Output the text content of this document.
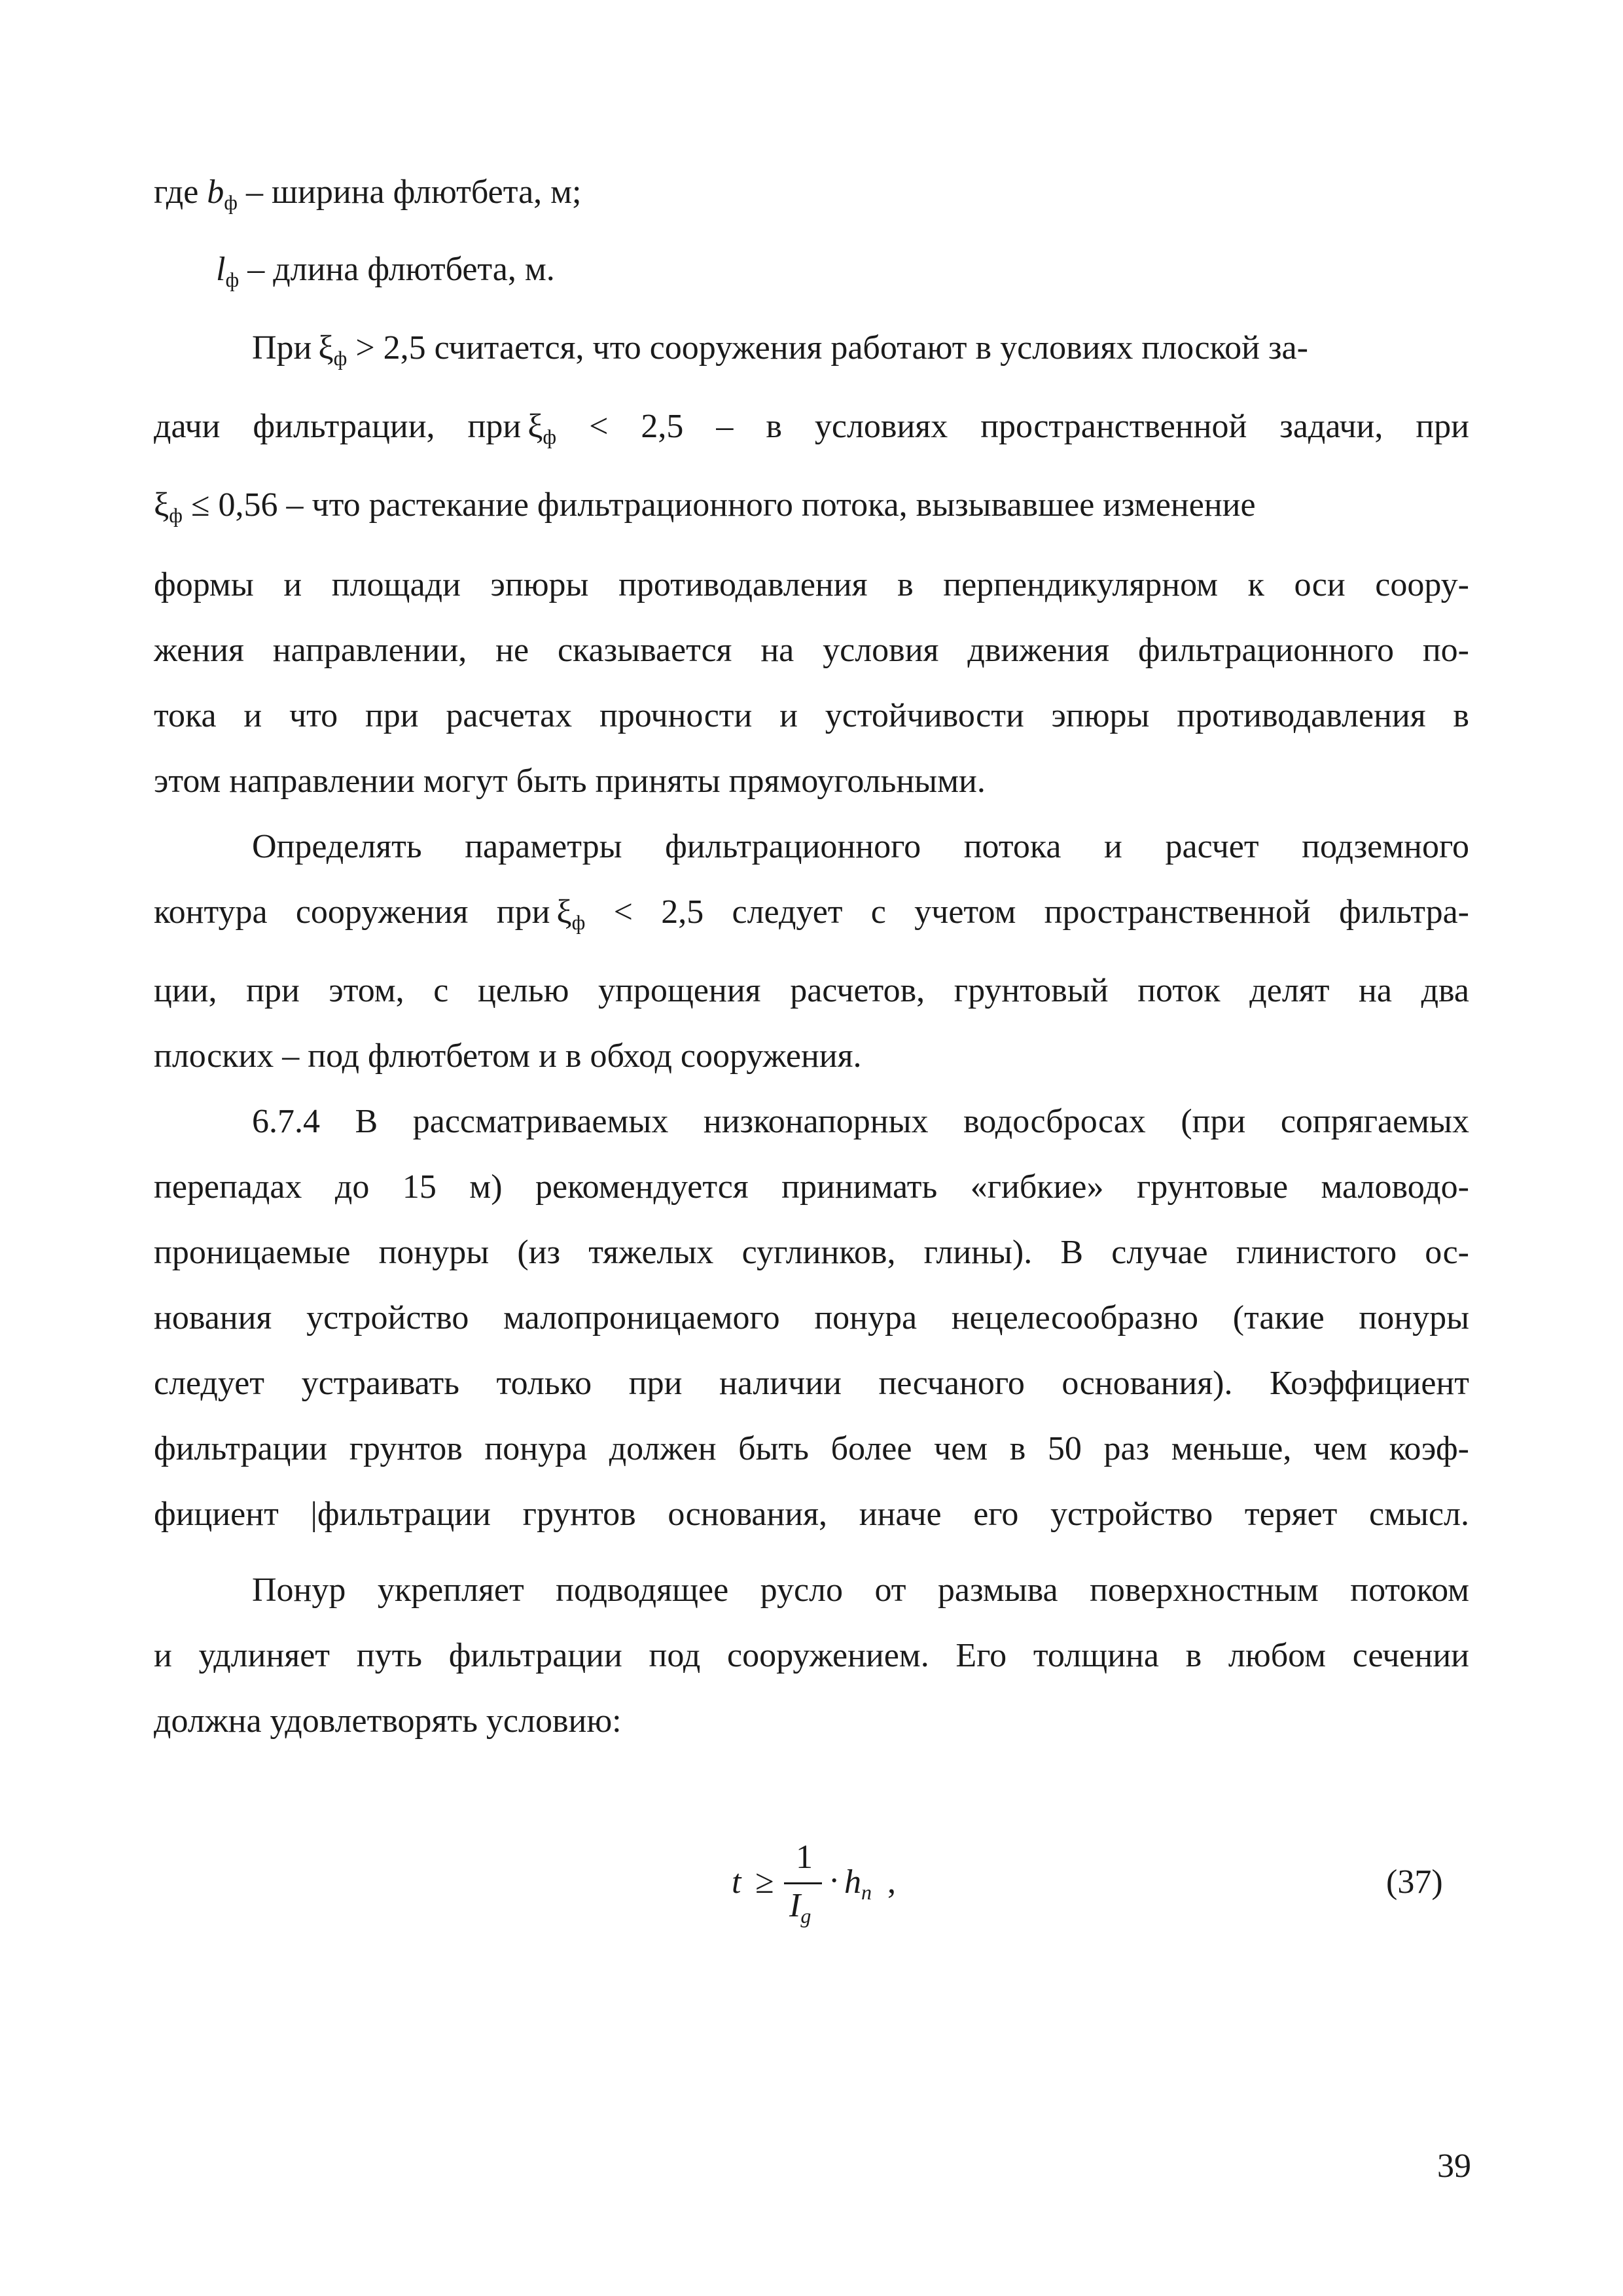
где $b_ф$ – ширина флютбета, м;
$l_ф$ – длина флютбета, м.
При $\xi_ф > 2,5$ считается, что сооружения работают в условиях плоской за-
дачи фильтрации, при $\xi_ф < 2,5 - в$ условиях пространственной задачи, при
$\xi_ф \le 0,56$ – что растекание фильтрационного потока, вызывавшее изменение
формы и площади эпюры противодавления в перпендикулярном к оси соору-
жения направлении, не сказывается на условия движения фильтрационного по-
тока и что при расчетах прочности и устойчивости эпюры противодавления в
этом направлении могут быть приняты прямоугольными.
Определять параметры фильтрационного потока и расчет подземного
контура сооружения при $\xi_ф < 2,5$ следует с учетом пространственной фильтра-
ции, при этом, с целью упрощения расчетов, грунтовый поток делят на два
плоских – под флютбетом и в обход сооружения.
6.7.4 В рассматриваемых низконапорных водосбросах (при сопрягаемых
перепадах до 15 м) рекомендуется принимать «гибкие» грунтовые маловодо-
проницаемые понуры (из тяжелых суглинков, глины). В случае глинистого ос-
нования устройство малопроницаемого понура нецелесообразно (такие понуры
следует устраивать только при наличии песчаного основания). Коэффициент
фильтрации грунтов понура должен быть более чем в 50 раз меньше, чем коэф-
фициент |фильтрации грунтов основания, иначе его устройство теряет смысл.
Понур укрепляет подводящее русло от размыва поверхностным потоком
и удлиняет путь фильтрации под сооружением. Его толщина в любом сечении
должна удовлетворять условию:
t ≥
1
$I_g$
· $h_n$ ,	(37)
39
